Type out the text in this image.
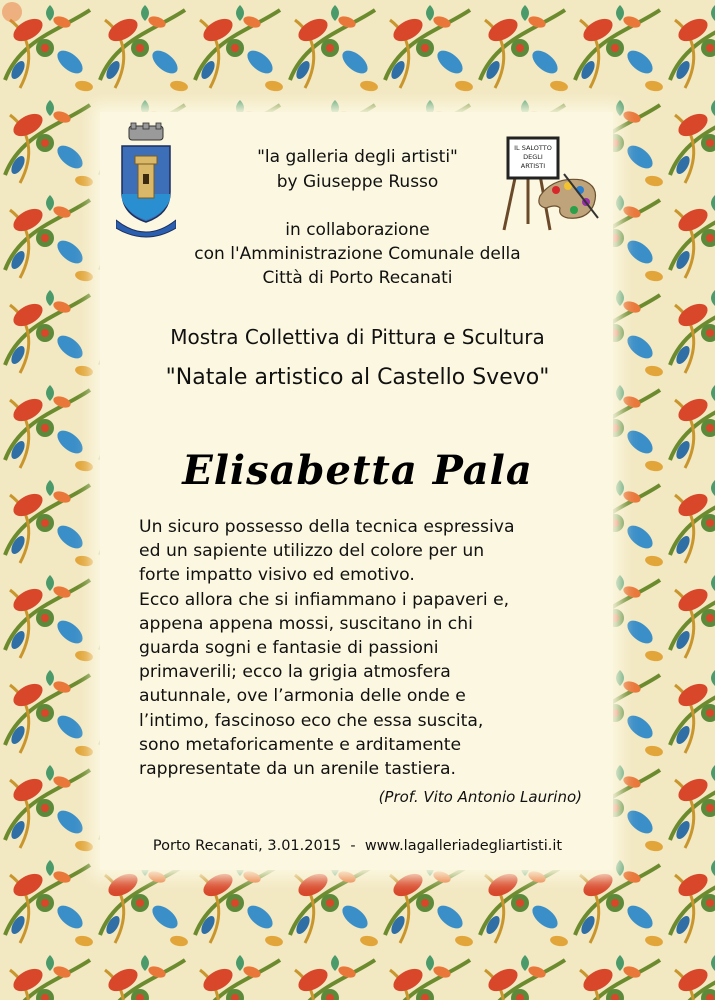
IL SALOTTO
DEGLI
ARTISTI
"la galleria degli artisti"
by Giuseppe Russo
in collaborazione
con l'Amministrazione Comunale della
Città di Porto Recanati
Mostra Collettiva di Pittura e Scultura
"Natale artistico al Castello Svevo"
Elisabetta Pala
Un sicuro possesso della tecnica espressiva
ed un sapiente utilizzo del colore per un
forte impatto visivo ed emotivo.
Ecco allora che si infiammano i papaveri e,
appena appena mossi, suscitano in chi
guarda sogni e fantasie di passioni
primaverili; ecco la grigia atmosfera
autunnale, ove l’armonia delle onde e
l’intimo, fascinoso eco che essa suscita,
sono metaforicamente e arditamente
rappresentate da un arenile tastiera.
(Prof. Vito Antonio Laurino)
Porto Recanati, 3.01.2015  -  www.lagalleriadegliartisti.it
